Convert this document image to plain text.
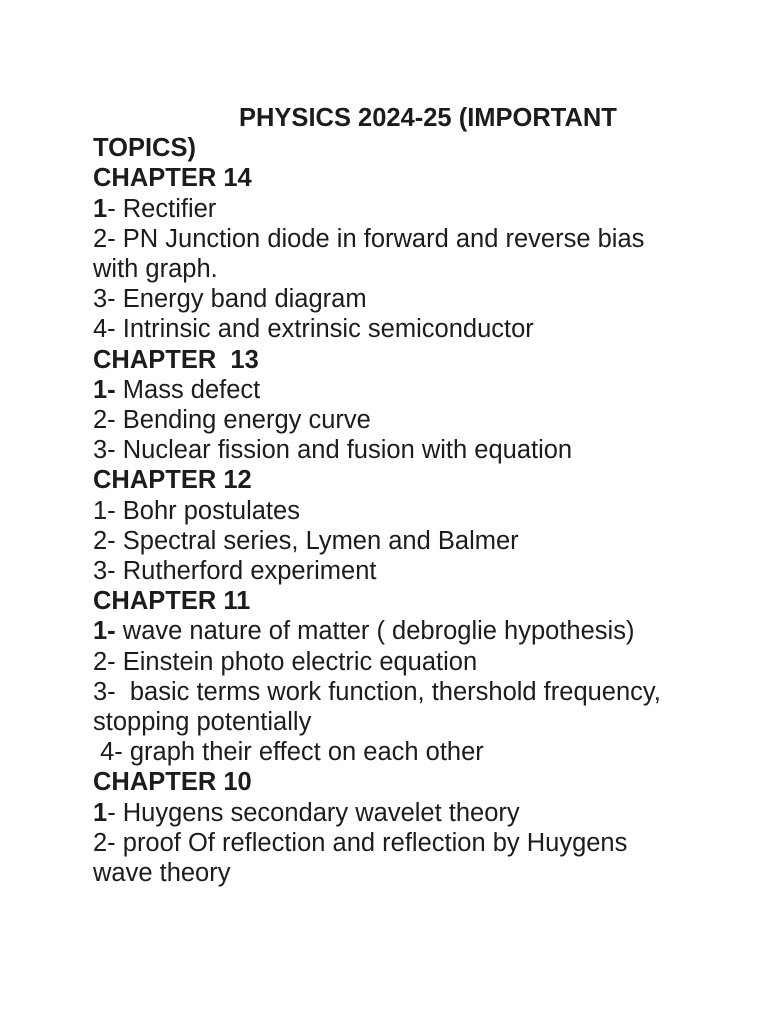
PHYSICS 2024-25 (IMPORTANT TOPICS)

CHAPTER 14

1- Rectifier

2- PN Junction diode in forward and reverse bias with graph.

3- Energy band diagram

4- Intrinsic and extrinsic semiconductor

CHAPTER  13

1- Mass defect

2- Bending energy curve

3- Nuclear fission and fusion with equation

CHAPTER 12

1- Bohr postulates

2- Spectral series, Lymen and Balmer

3- Rutherford experiment

CHAPTER 11

1- wave nature of matter ( debroglie hypothesis)

2- Einstein photo electric equation

3-  basic terms work function, thershold frequency, stopping potentially

4- graph their effect on each other

CHAPTER 10

1- Huygens secondary wavelet theory

2- proof Of reflection and reflection by Huygens wave theory
